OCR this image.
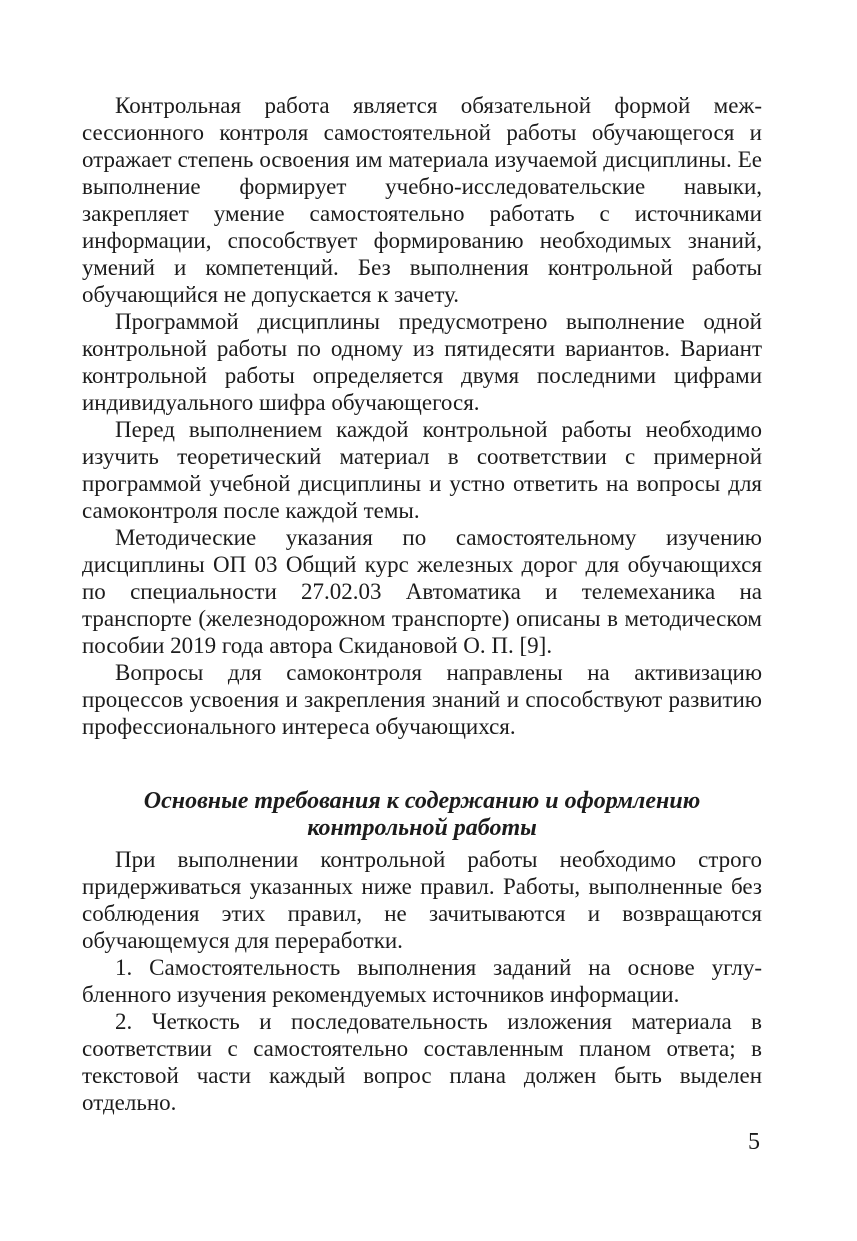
Контрольная работа является обязательной формой межсессионного контроля самостоятельной работы обучающегося и отражает степень освоения им материала изучаемой дисциплины. Ее выполнение формирует учебно-исследовательские навыки, закрепляет умение самостоятельно работать с источниками информации, способствует формированию необходимых знаний, умений и компетенций. Без выполнения контрольной работы обучающийся не допускается к зачету.

Программой дисциплины предусмотрено выполнение одной контрольной работы по одному из пятидесяти вариантов. Вариант контрольной работы определяется двумя последними цифрами индивидуального шифра обучающегося.

Перед выполнением каждой контрольной работы необходимо изучить теоретический материал в соответствии с примерной программой учебной дисциплины и устно ответить на вопросы для самоконтроля после каждой темы.

Методические указания по самостоятельному изучению дисциплины ОП 03 Общий курс железных дорог для обучающихся по специальности 27.02.03 Автоматика и телемеханика на транспорте (железнодорожном транспорте) описаны в методическом пособии 2019 года автора Скидановой О. П. [9].

Вопросы для самоконтроля направлены на активизацию процессов усвоения и закрепления знаний и способствуют развитию профессионального интереса обучающихся.

Основные требования к содержанию и оформлению
контрольной работы

При выполнении контрольной работы необходимо строго придерживаться указанных ниже правил. Работы, выполненные без соблюдения этих правил, не зачитываются и возвращаются обучающемуся для переработки.

1. Самостоятельность выполнения заданий на основе углубленного изучения рекомендуемых источников информации.

2. Четкость и последовательность изложения материала в соответствии с самостоятельно составленным планом ответа; в текстовой части каждый вопрос плана должен быть выделен отдельно.

5
